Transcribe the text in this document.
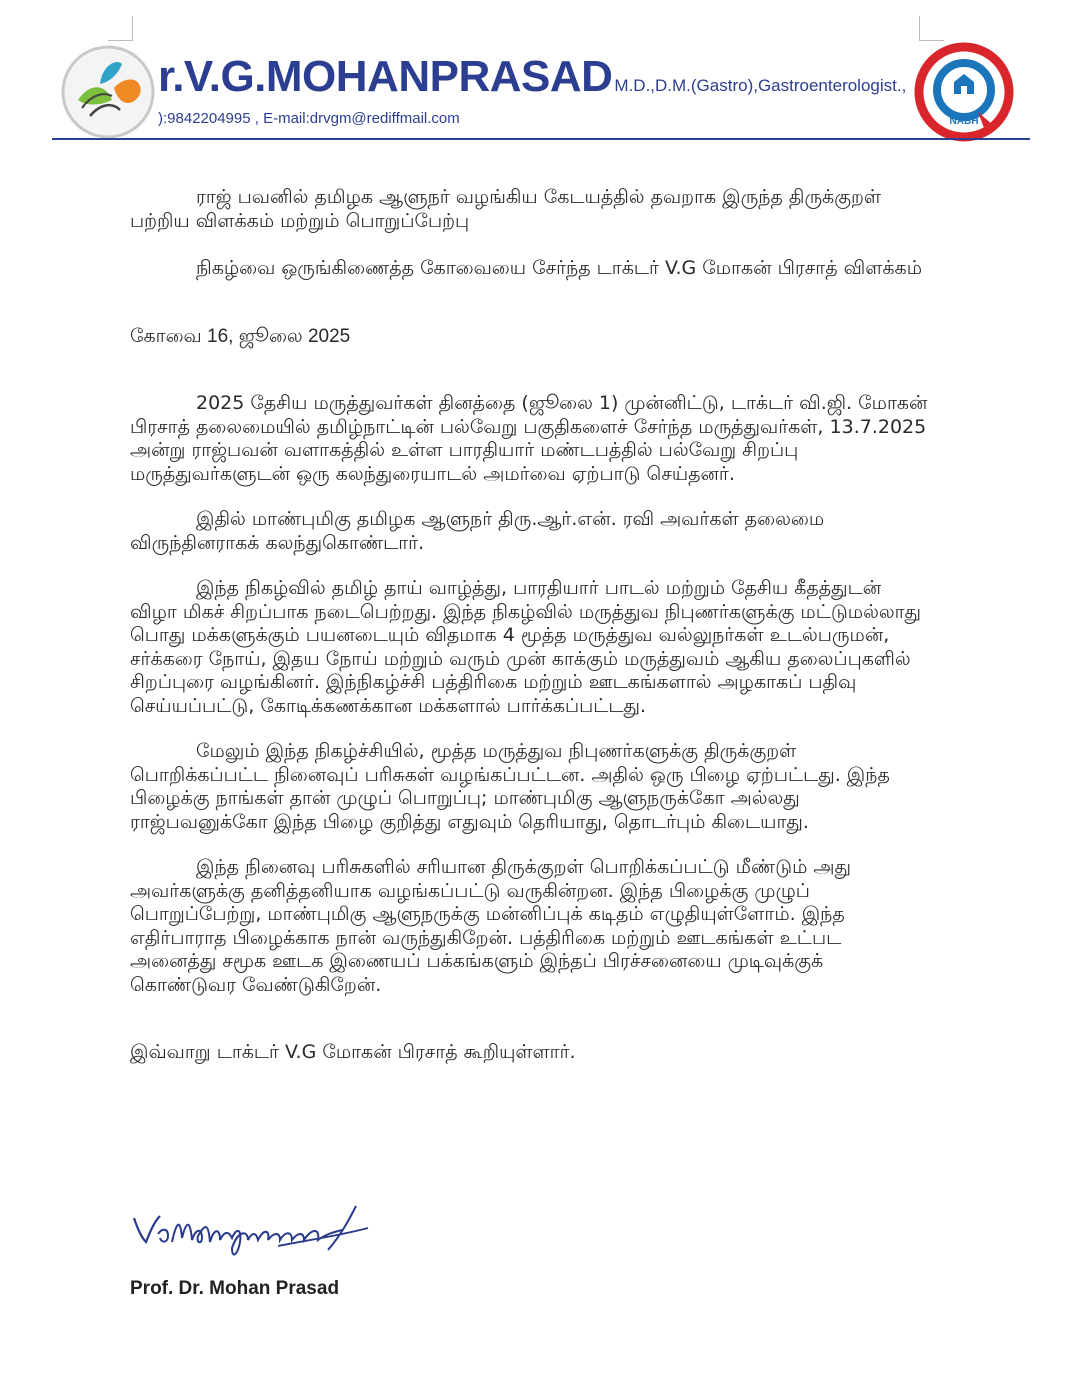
r.V.G.MOHANPRASAD M.D.,D.M.(Gastro),Gastroenterologist.,
):9842204995 , E-mail:drvgm@rediffmail.com	NABH

ராஜ் பவனில் தமிழக ஆளுநர் வழங்கிய கேடயத்தில் தவறாக இருந்த திருக்குறள் பற்றிய விளக்கம் மற்றும் பொறுப்பேற்பு

நிகழ்வை ஒருங்கிணைத்த கோவையை சேர்ந்த டாக்டர் V.G மோகன் பிரசாத் விளக்கம்

கோவை 16, ஜூலை 2025

2025 தேசிய மருத்துவர்கள் தினத்தை (ஜூலை 1) முன்னிட்டு, டாக்டர் வி.ஜி. மோகன் பிரசாத் தலைமையில் தமிழ்நாட்டின் பல்வேறு பகுதிகளைச் சேர்ந்த மருத்துவர்கள், 13.7.2025 அன்று ராஜ்பவன் வளாகத்தில் உள்ள பாரதியார் மண்டபத்தில் பல்வேறு சிறப்பு மருத்துவர்களுடன் ஒரு கலந்துரையாடல் அமர்வை ஏற்பாடு செய்தனர்.

இதில் மாண்புமிகு தமிழக ஆளுநர் திரு.ஆர்.என். ரவி அவர்கள் தலைமை விருந்தினராகக் கலந்துகொண்டார்.

இந்த நிகழ்வில் தமிழ் தாய் வாழ்த்து, பாரதியார் பாடல் மற்றும் தேசிய கீதத்துடன் விழா மிகச் சிறப்பாக நடைபெற்றது. இந்த நிகழ்வில் மருத்துவ நிபுணர்களுக்கு மட்டுமல்லாது பொது மக்களுக்கும் பயனடையும் விதமாக 4 மூத்த மருத்துவ வல்லுநர்கள் உடல்பருமன், சர்க்கரை நோய், இதய நோய் மற்றும் வரும் முன் காக்கும் மருத்துவம் ஆகிய தலைப்புகளில் சிறப்புரை வழங்கினர். இந்நிகழ்ச்சி பத்திரிகை மற்றும் ஊடகங்களால் அழகாகப் பதிவு செய்யப்பட்டு, கோடிக்கணக்கான மக்களால் பார்க்கப்பட்டது.

மேலும் இந்த நிகழ்ச்சியில், மூத்த மருத்துவ நிபுணர்களுக்கு திருக்குறள் பொறிக்கப்பட்ட நினைவுப் பரிசுகள் வழங்கப்பட்டன. அதில் ஒரு பிழை ஏற்பட்டது. இந்த பிழைக்கு நாங்கள் தான் முழுப் பொறுப்பு; மாண்புமிகு ஆளுநருக்கோ அல்லது ராஜ்பவனுக்கோ இந்த பிழை குறித்து எதுவும் தெரியாது, தொடர்பும் கிடையாது.

இந்த நினைவு பரிசுகளில் சரியான திருக்குறள் பொறிக்கப்பட்டு மீண்டும் அது அவர்களுக்கு தனித்தனியாக வழங்கப்பட்டு வருகின்றன. இந்த பிழைக்கு முழுப் பொறுப்பேற்று, மாண்புமிகு ஆளுநருக்கு மன்னிப்புக் கடிதம் எழுதியுள்ளோம். இந்த எதிர்பாராத பிழைக்காக நான் வருந்துகிறேன். பத்திரிகை மற்றும் ஊடகங்கள் உட்பட அனைத்து சமூக ஊடக இணையப் பக்கங்களும் இந்தப் பிரச்சனையை முடிவுக்குக் கொண்டுவர வேண்டுகிறேன்.

இவ்வாறு டாக்டர் V.G மோகன் பிரசாத் கூறியுள்ளார்.

Prof. Dr. Mohan Prasad
